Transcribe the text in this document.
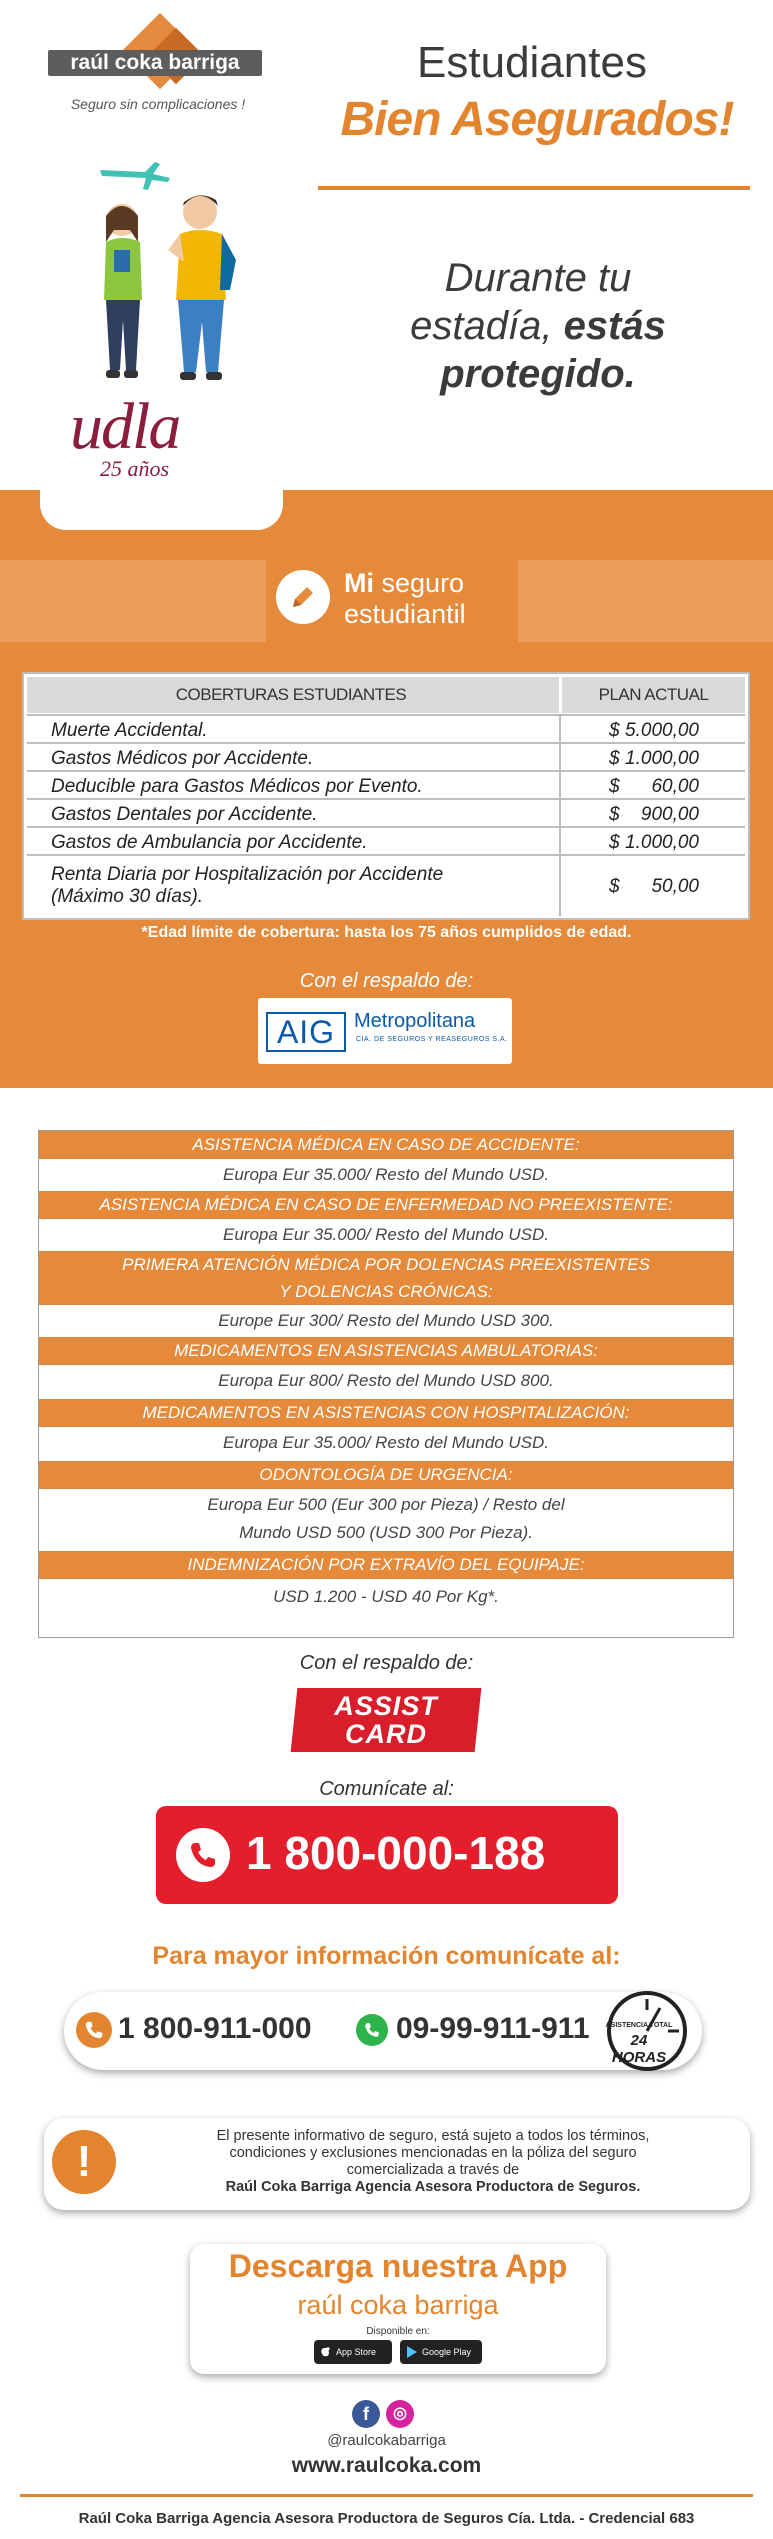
Estudiantes
Bien Asegurados!
Durante tu
estadía, estás
protegido.
raúl coka barriga
Seguro sin complicaciones !
udla
25 años
Mi seguro
estudiantil
COBERTURAS ESTUDIANTES	PLAN ACTUAL
Muerte Accidental.	$ 5.000,00
Gastos Médicos por Accidente.	$ 1.000,00
Deducible para Gastos Médicos por Evento.	$ 60,00
Gastos Dentales por Accidente.	$ 900,00
Gastos de Ambulancia por Accidente.	$ 1.000,00
Renta Diaria por Hospitalización por Accidente (Máximo 30 días).	$ 50,00
*Edad límite de cobertura: hasta los 75 años cumplidos de edad.
Con el respaldo de:
AIG Metropolitana
CIA. DE SEGUROS Y REASEGUROS S.A.
ASISTENCIA MÉDICA EN CASO DE ACCIDENTE:
Europa Eur 35.000/ Resto del Mundo USD.
ASISTENCIA MÉDICA EN CASO DE ENFERMEDAD NO PREEXISTENTE:
Europa Eur 35.000/ Resto del Mundo USD.
PRIMERA ATENCIÓN MÉDICA POR DOLENCIAS PREEXISTENTES Y DOLENCIAS CRÓNICAS:
Europe Eur 300/ Resto del Mundo USD 300.
MEDICAMENTOS EN ASISTENCIAS AMBULATORIAS:
Europa Eur 800/ Resto del Mundo USD 800.
MEDICAMENTOS EN ASISTENCIAS CON HOSPITALIZACIÓN:
Europa Eur 35.000/ Resto del Mundo USD.
ODONTOLOGÍA DE URGENCIA:
Europa Eur 500 (Eur 300 por Pieza) / Resto del Mundo USD 500 (USD 300 Por Pieza).
INDEMNIZACIÓN POR EXTRAVÍO DEL EQUIPAJE:
USD 1.200 - USD 40 Por Kg*.
Con el respaldo de:
ASSIST CARD
Comunícate al:
1 800-000-188
Para mayor información comunícate al:
1 800-911-000	09-99-911-911 ASISTENCIA TOTAL
24 HORAS
!
El presente informativo de seguro, está sujeto a todos los términos,
condiciones y exclusiones mencionadas en la póliza del seguro
comercializada a través de
Raúl Coka Barriga Agencia Asesora Productora de Seguros.
Descarga nuestra App
raúl coka barriga
Disponible en:
App Store	Google Play
f	◎
@raulcokabarriga
www.raulcoka.com
Raúl Coka Barriga Agencia Asesora Productora de Seguros Cía. Ltda. - Credencial 683
